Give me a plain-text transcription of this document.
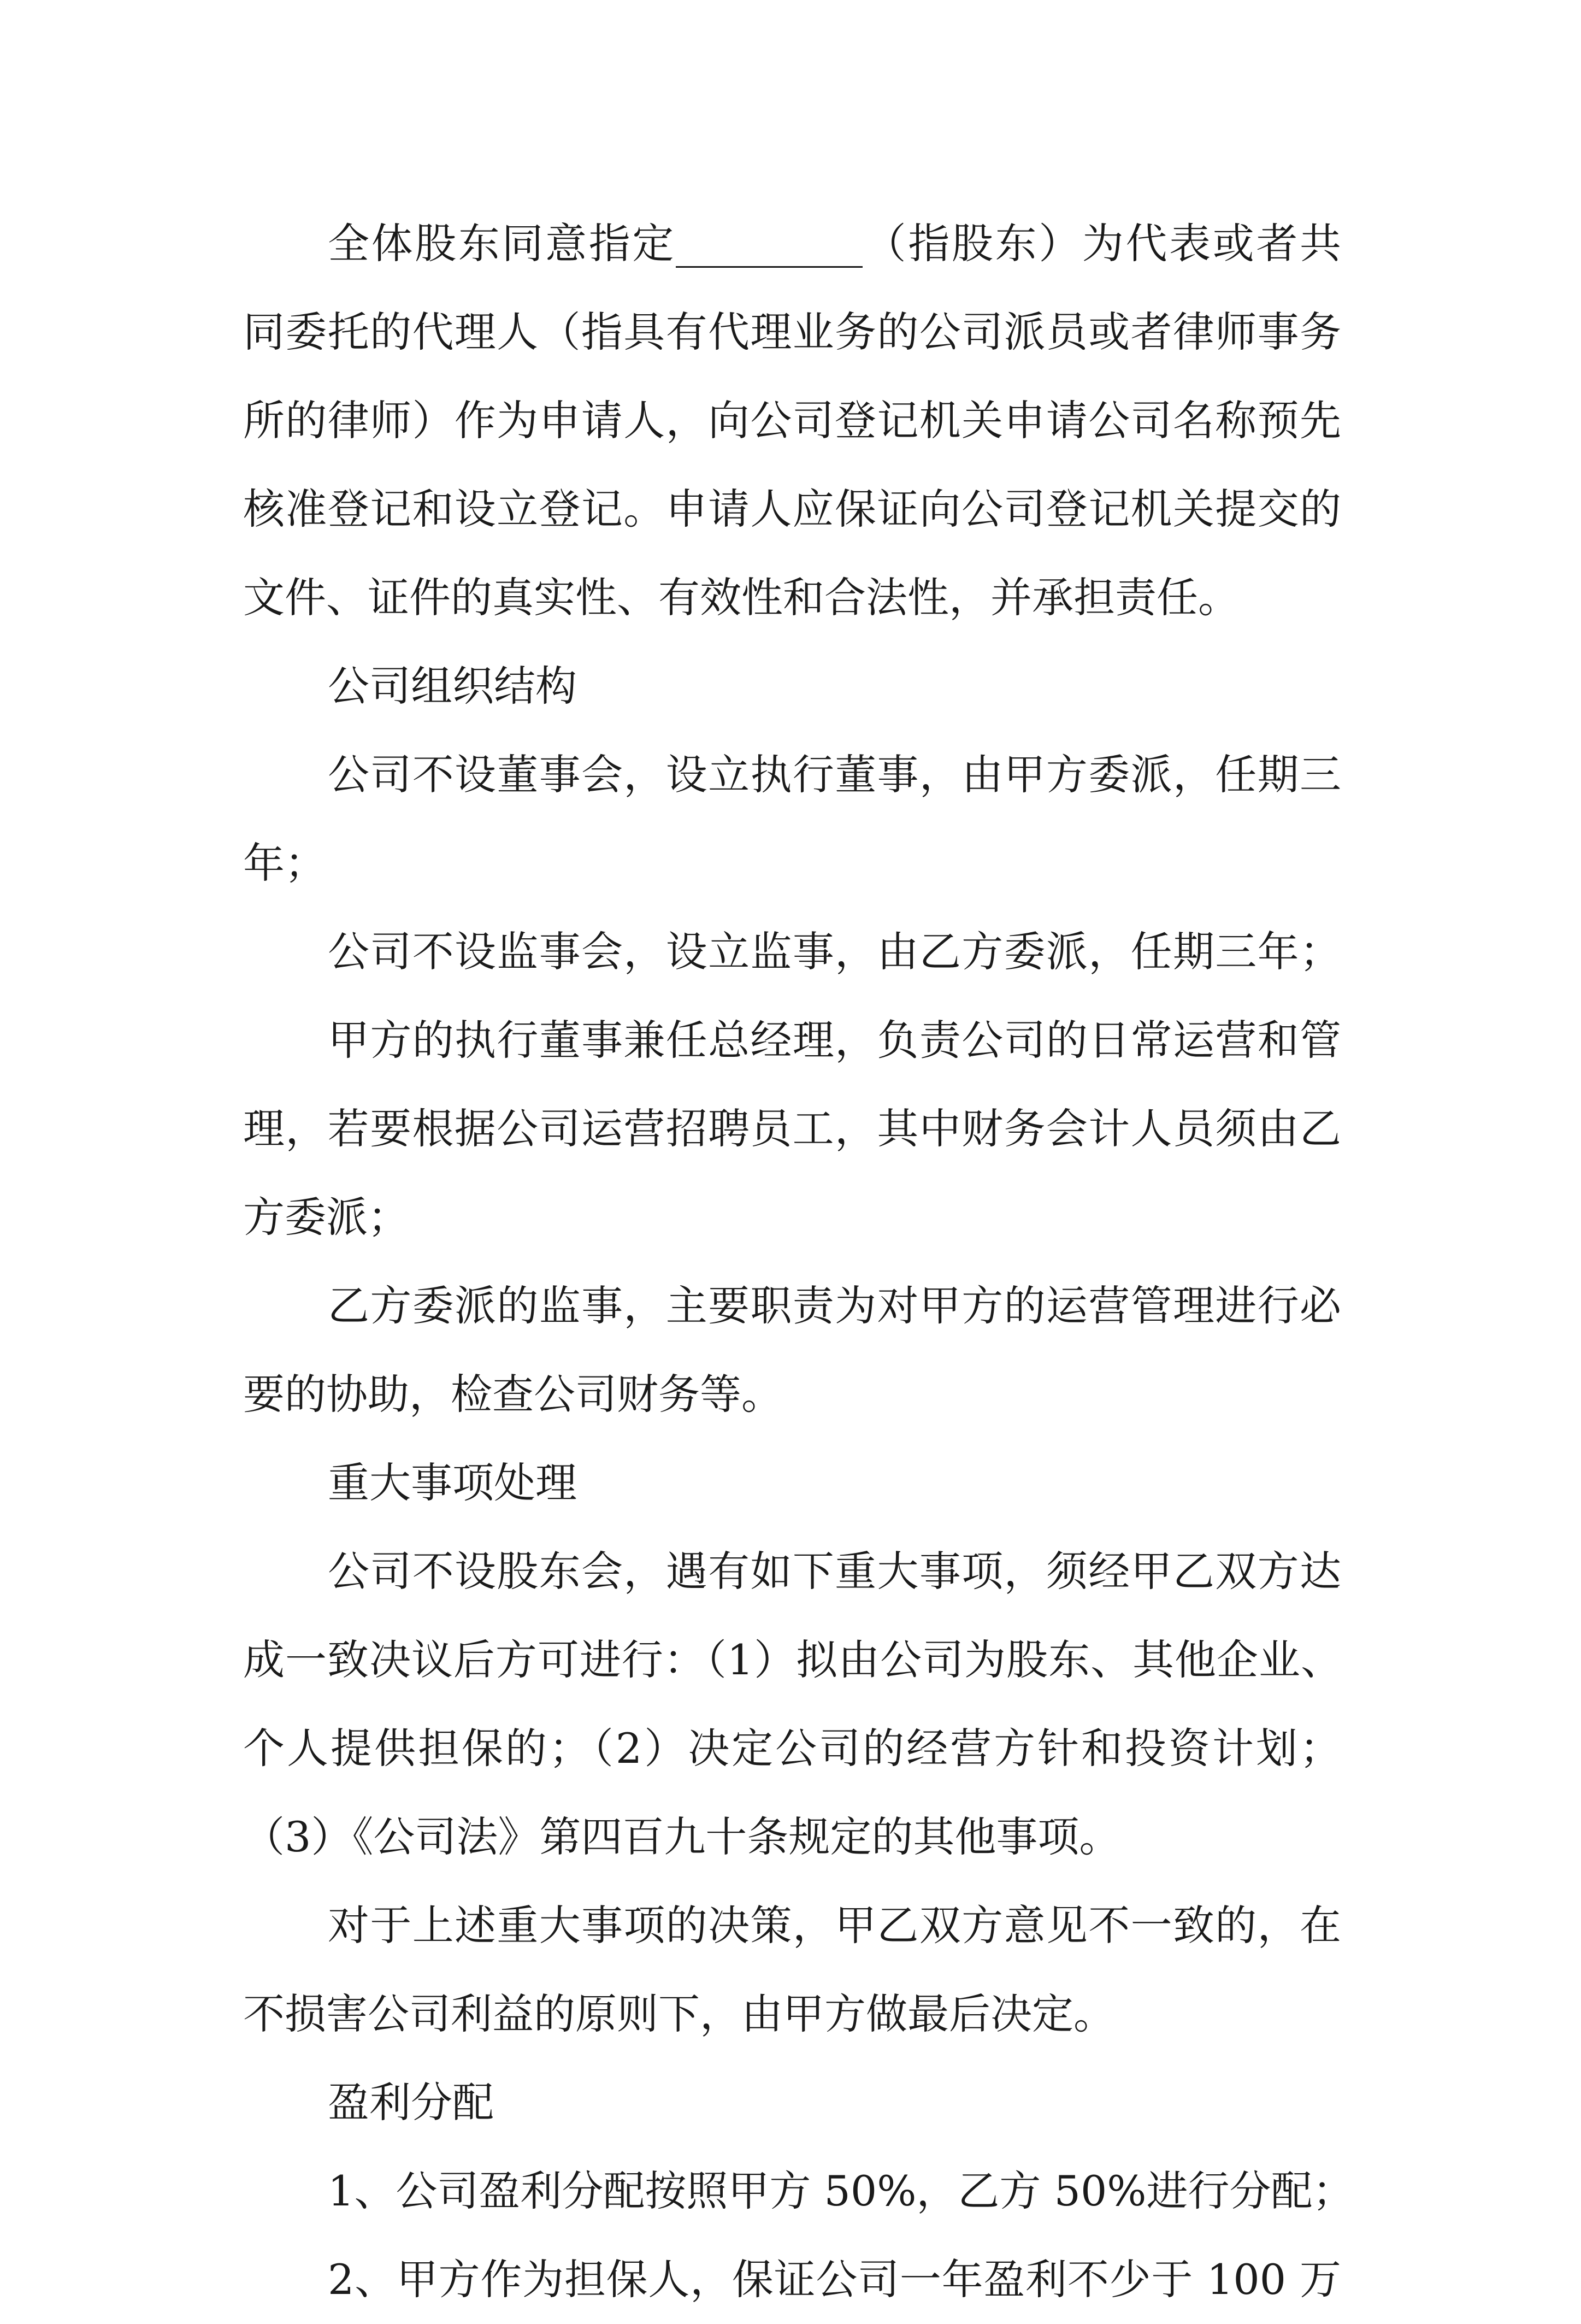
全体股东同意指定_________（指股东）为代表或者共
同委托的代理人（指具有代理业务的公司派员或者律师事务
所的律师）作为申请人，向公司登记机关申请公司名称预先
核准登记和设立登记。申请人应保证向公司登记机关提交的
文件、证件的真实性、有效性和合法性，并承担责任。
公司组织结构
公司不设董事会，设立执行董事，由甲方委派，任期三
年；
公司不设监事会，设立监事，由乙方委派，任期三年；
甲方的执行董事兼任总经理，负责公司的日常运营和管
理，若要根据公司运营招聘员工，其中财务会计人员须由乙
方委派；
乙方委派的监事，主要职责为对甲方的运营管理进行必
要的协助，检查公司财务等。
重大事项处理
公司不设股东会，遇有如下重大事项，须经甲乙双方达
成一致决议后方可进行：（1）拟由公司为股东、其他企业、
个人提供担保的；（2）决定公司的经营方针和投资计划；
（3）《公司法》第四百九十条规定的其他事项。
对于上述重大事项的决策，甲乙双方意见不一致的，在
不损害公司利益的原则下，由甲方做最后决定。
盈利分配
1、公司盈利分配按照甲方 50%，乙方 50%进行分配；
2、甲方作为担保人，保证公司一年盈利不少于 100 万
